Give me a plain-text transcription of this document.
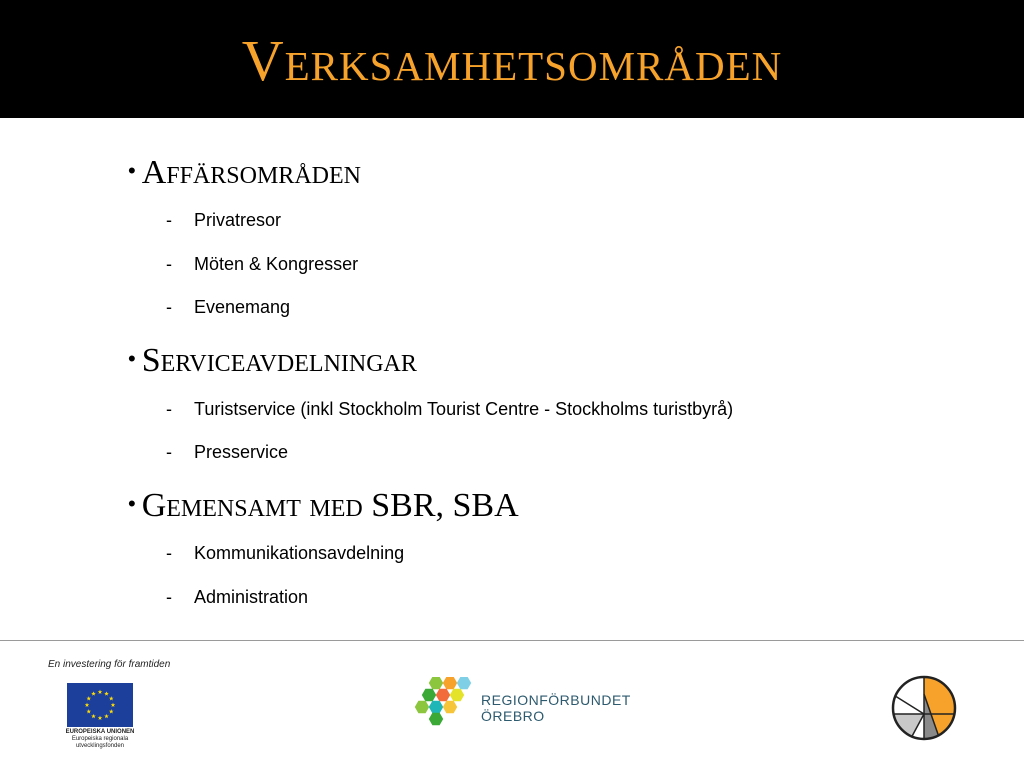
Verksamhetsområden
• Affärsområden
- Privatresor
- Möten & Kongresser
- Evenemang
• Serviceavdelningar
- Turistservice (inkl Stockholm Tourist Centre - Stockholms turistbyrå)
- Presservice
• Gemensamt med SBR, SBA
- Kommunikationsavdelning
- Administration
En investering för framtiden
EUROPEISKA UNIONEN
Europeiska regionala
utvecklingsfonden
REGIONFÖRBUNDET
ÖREBRO
